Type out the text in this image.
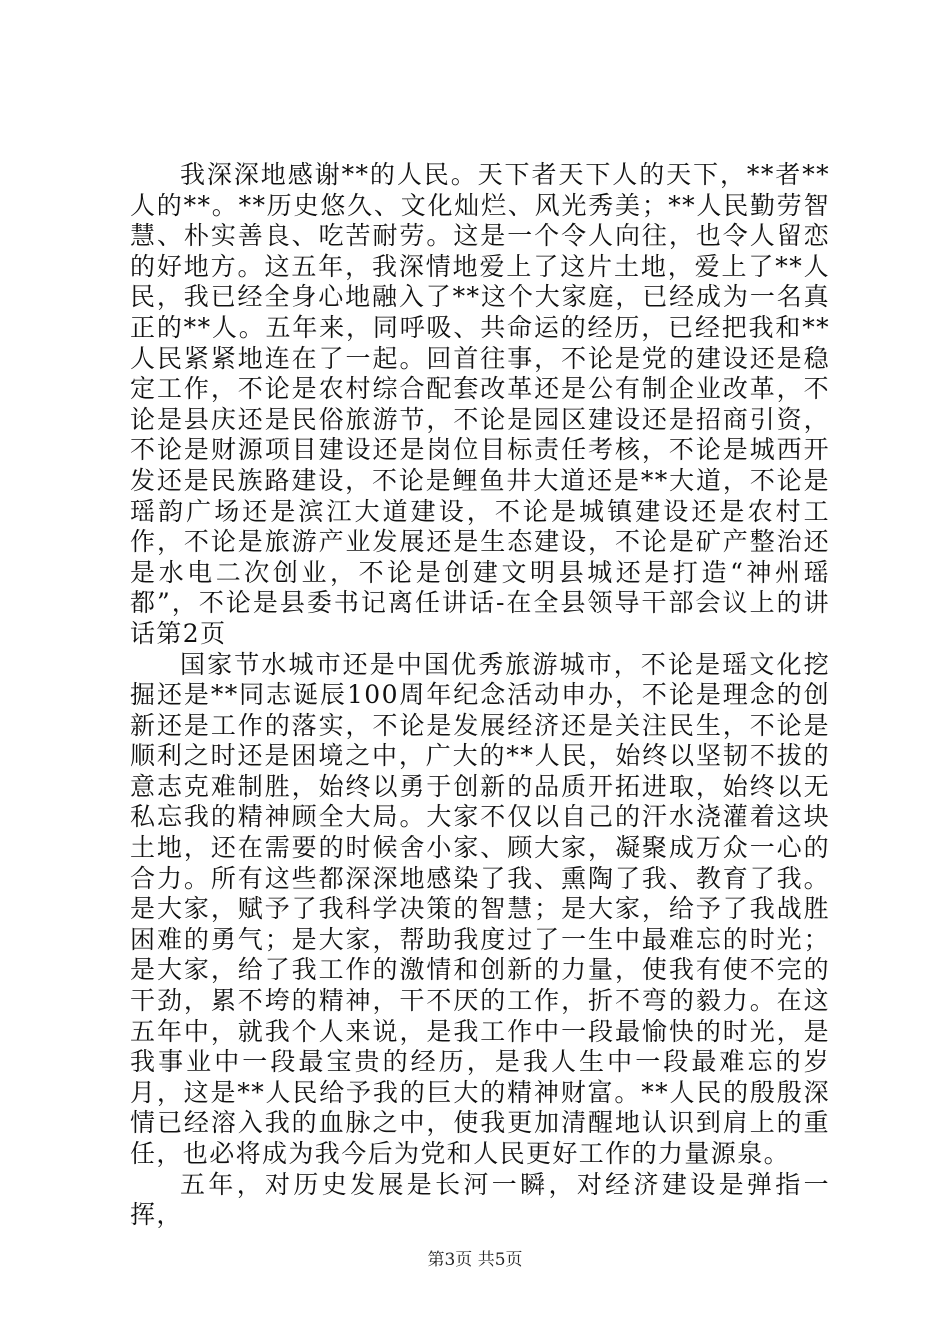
我深深地感谢**的人民。天下者天下人的天下，**者**人的**。**历史悠久、文化灿烂、风光秀美；**人民勤劳智慧、朴实善良、吃苦耐劳。这是一个令人向往，也令人留恋的好地方。这五年，我深情地爱上了这片土地，爱上了**人民，我已经全身心地融入了**这个大家庭，已经成为一名真正的**人。五年来，同呼吸、共命运的经历，已经把我和**人民紧紧地连在了一起。回首往事，不论是党的建设还是稳定工作，不论是农村综合配套改革还是公有制企业改革，不论是县庆还是民俗旅游节，不论是园区建设还是招商引资，不论是财源项目建设还是岗位目标责任考核，不论是城西开发还是民族路建设，不论是鲤鱼井大道还是**大道，不论是瑶韵广场还是滨江大道建设，不论是城镇建设还是农村工作，不论是旅游产业发展还是生态建设，不论是矿产整治还是水电二次创业，不论是创建文明县城还是打造“神州瑶都”，不论是县委书记离任讲话-在全县领导干部会议上的讲话第2页

国家节水城市还是中国优秀旅游城市，不论是瑶文化挖掘还是**同志诞辰100周年纪念活动申办，不论是理念的创新还是工作的落实，不论是发展经济还是关注民生，不论是顺利之时还是困境之中，广大的**人民，始终以坚韧不拔的意志克难制胜，始终以勇于创新的品质开拓进取，始终以无私忘我的精神顾全大局。大家不仅以自己的汗水浇灌着这块土地，还在需要的时候舍小家、顾大家，凝聚成万众一心的合力。所有这些都深深地感染了我、熏陶了我、教育了我。是大家，赋予了我科学决策的智慧；是大家，给予了我战胜困难的勇气；是大家，帮助我度过了一生中最难忘的时光；是大家，给了我工作的激情和创新的力量，使我有使不完的干劲，累不垮的精神，干不厌的工作，折不弯的毅力。在这五年中，就我个人来说，是我工作中一段最愉快的时光，是我事业中一段最宝贵的经历，是我人生中一段最难忘的岁月，这是**人民给予我的巨大的精神财富。**人民的殷殷深情已经溶入我的血脉之中，使我更加清醒地认识到肩上的重任，也必将成为我今后为党和人民更好工作的力量源泉。

五年，对历史发展是长河一瞬，对经济建设是弹指一挥，

第3页 共5页
